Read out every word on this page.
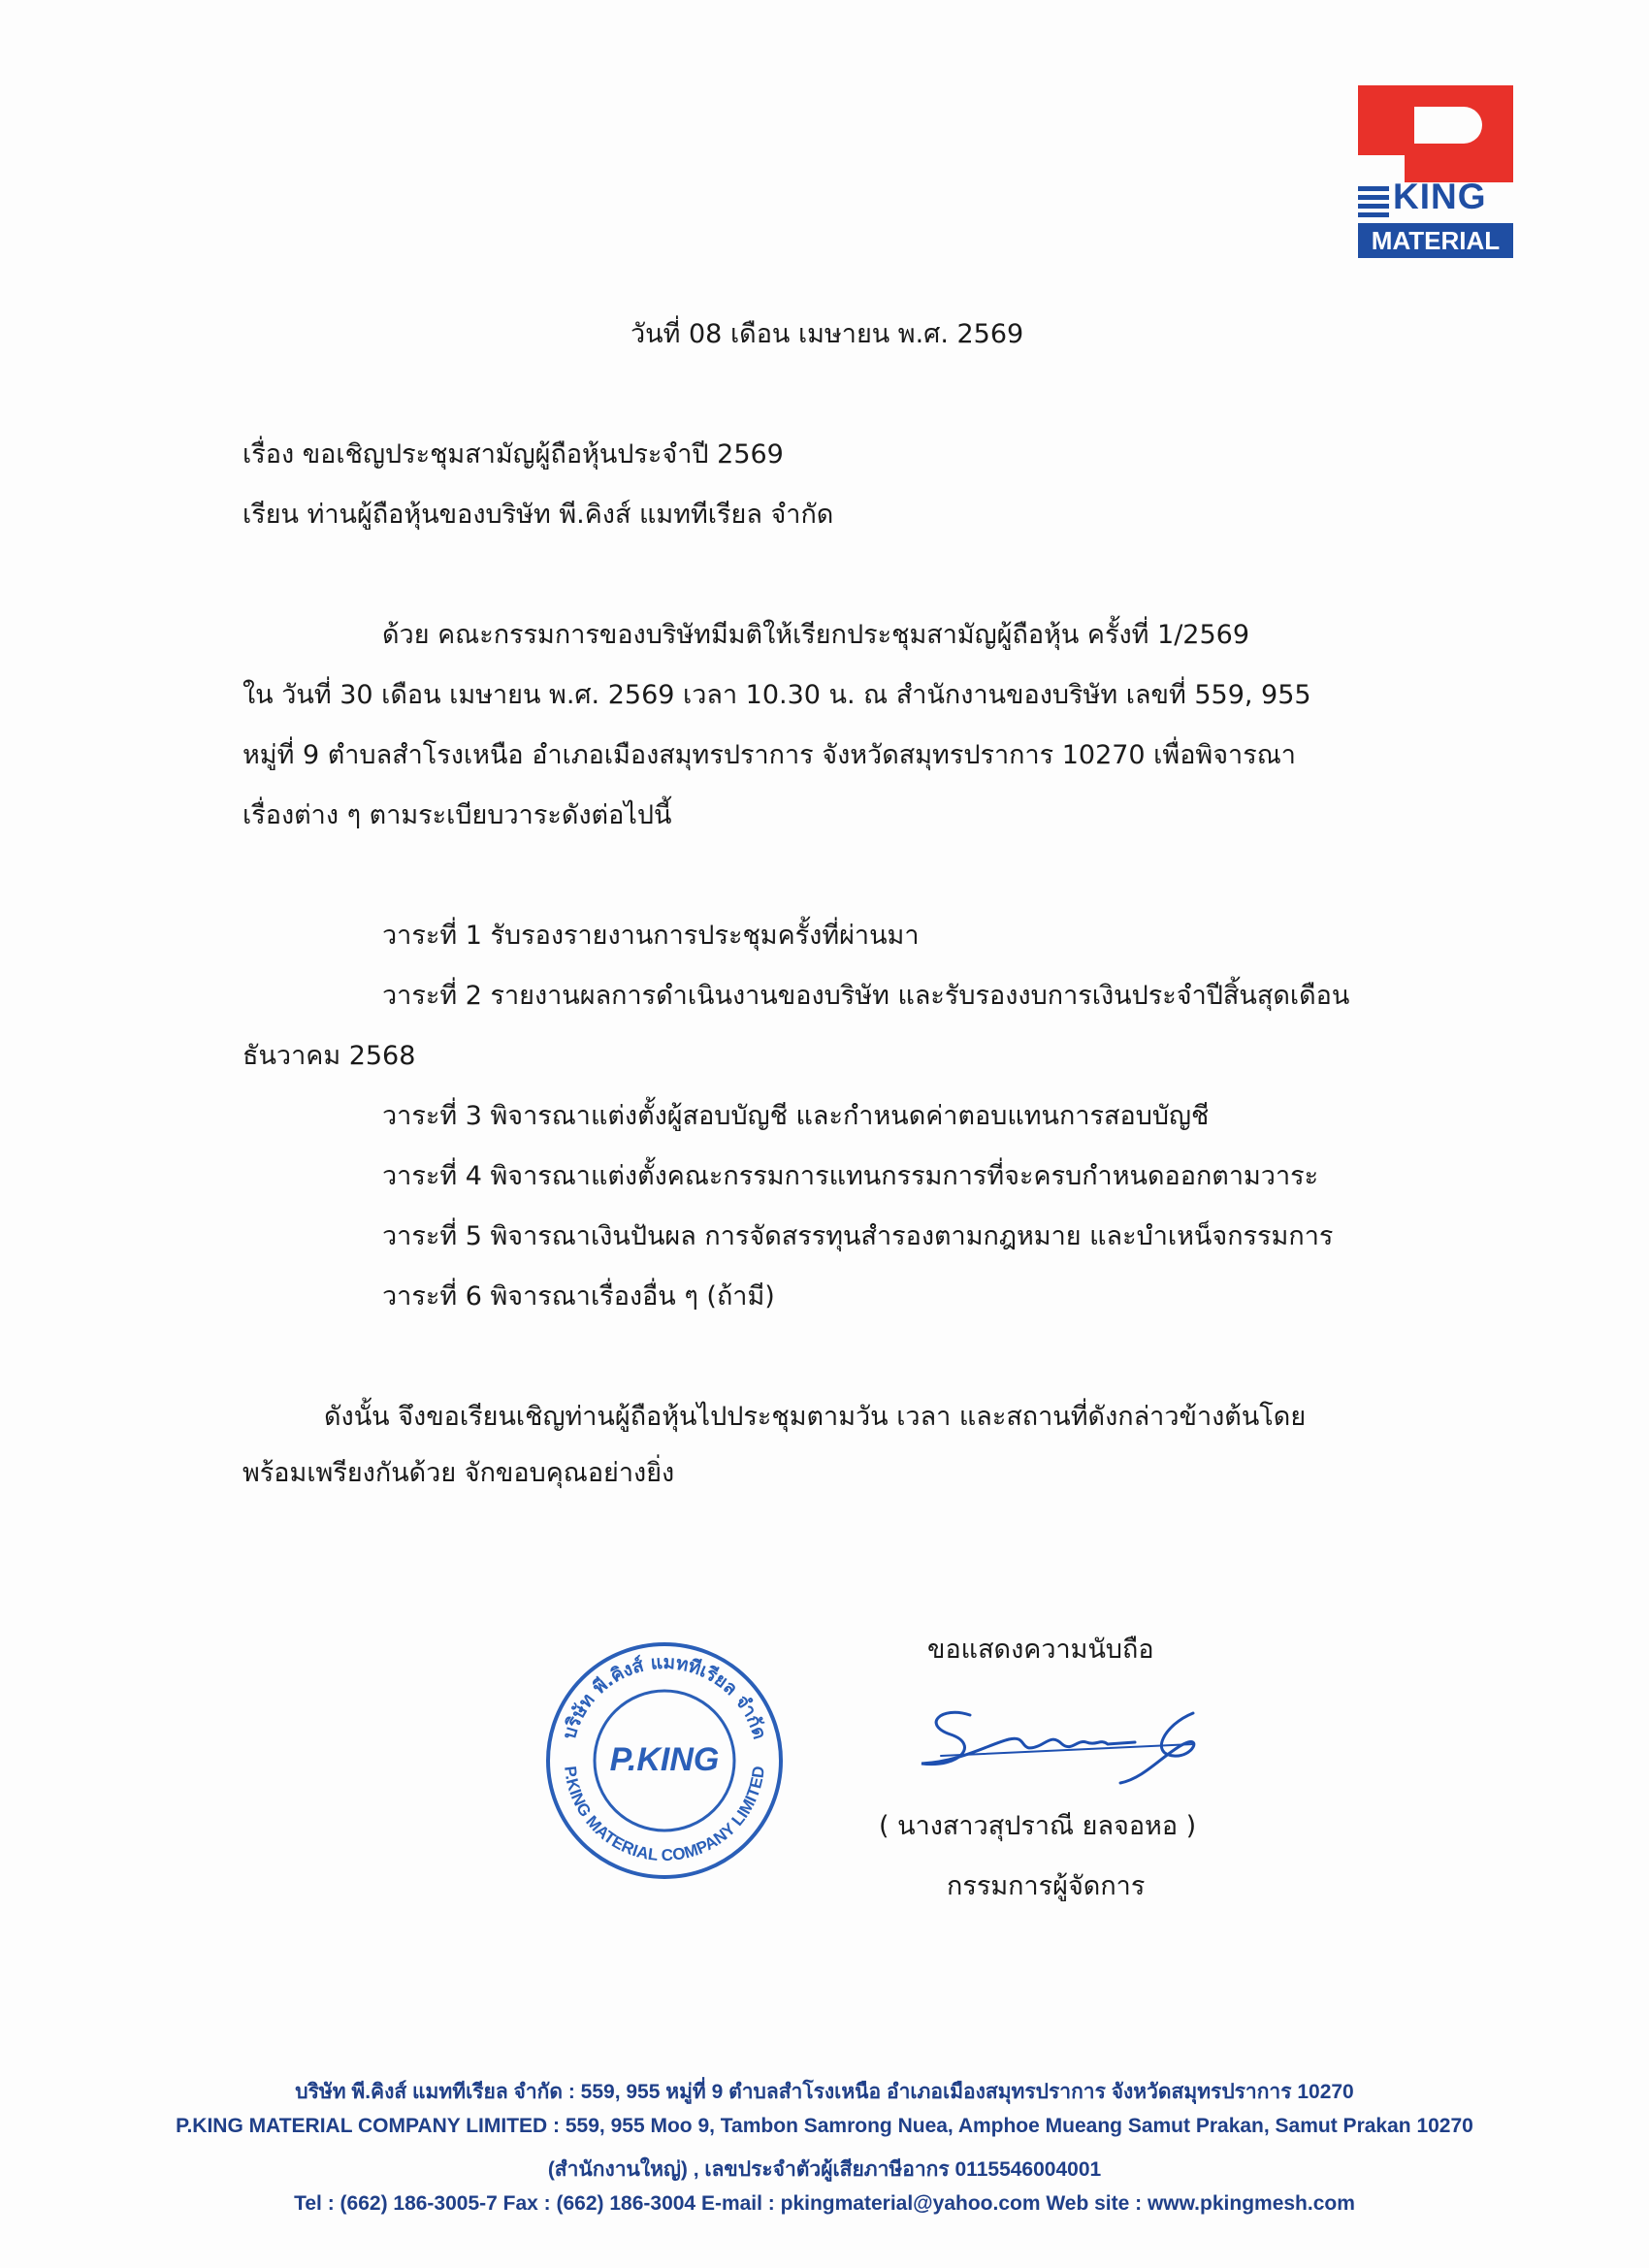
KING
MATERIAL
วันที่ 08 เดือน เมษายน พ.ศ. 2569
เรื่อง ขอเชิญประชุมสามัญผู้ถือหุ้นประจำปี 2569
เรียน ท่านผู้ถือหุ้นของบริษัท พี.คิงส์ แมททีเรียล จำกัด
ด้วย คณะกรรมการของบริษัทมีมติให้เรียกประชุมสามัญผู้ถือหุ้น ครั้งที่ 1/2569
ใน วันที่ 30 เดือน เมษายน พ.ศ. 2569 เวลา 10.30 น. ณ สำนักงานของบริษัท เลขที่ 559, 955
หมู่ที่ 9 ตำบลสำโรงเหนือ อำเภอเมืองสมุทรปราการ จังหวัดสมุทรปราการ 10270 เพื่อพิจารณา
เรื่องต่าง ๆ ตามระเบียบวาระดังต่อไปนี้
วาระที่ 1 รับรองรายงานการประชุมครั้งที่ผ่านมา
วาระที่ 2 รายงานผลการดำเนินงานของบริษัท และรับรองงบการเงินประจำปีสิ้นสุดเดือน
ธันวาคม 2568
วาระที่ 3 พิจารณาแต่งตั้งผู้สอบบัญชี และกำหนดค่าตอบแทนการสอบบัญชี
วาระที่ 4 พิจารณาแต่งตั้งคณะกรรมการแทนกรรมการที่จะครบกำหนดออกตามวาระ
วาระที่ 5 พิจารณาเงินปันผล การจัดสรรทุนสำรองตามกฎหมาย และบำเหน็จกรรมการ
วาระที่ 6 พิจารณาเรื่องอื่น ๆ (ถ้ามี)
ดังนั้น จึงขอเรียนเชิญท่านผู้ถือหุ้นไปประชุมตามวัน เวลา และสถานที่ดังกล่าวข้างต้นโดย
พร้อมเพรียงกันด้วย จักขอบคุณอย่างยิ่ง
ขอแสดงความนับถือ
บริษัท พี.คิงส์ แมททีเรียล จำกัด
P.KING MATERIAL COMPANY LIMITED
P.KING
( นางสาวสุปราณี ยลจอหอ )
กรรมการผู้จัดการ
บริษัท พี.คิงส์ แมททีเรียล จำกัด : 559, 955 หมู่ที่ 9 ตำบลสำโรงเหนือ อำเภอเมืองสมุทรปราการ จังหวัดสมุทรปราการ 10270
P.KING MATERIAL COMPANY LIMITED : 559, 955 Moo 9, Tambon Samrong Nuea, Amphoe Mueang Samut Prakan, Samut Prakan 10270
(สำนักงานใหญ่) , เลขประจำตัวผู้เสียภาษีอากร 0115546004001
Tel : (662) 186-3005-7 Fax : (662) 186-3004 E-mail : pkingmaterial@yahoo.com Web site : www.pkingmesh.com
